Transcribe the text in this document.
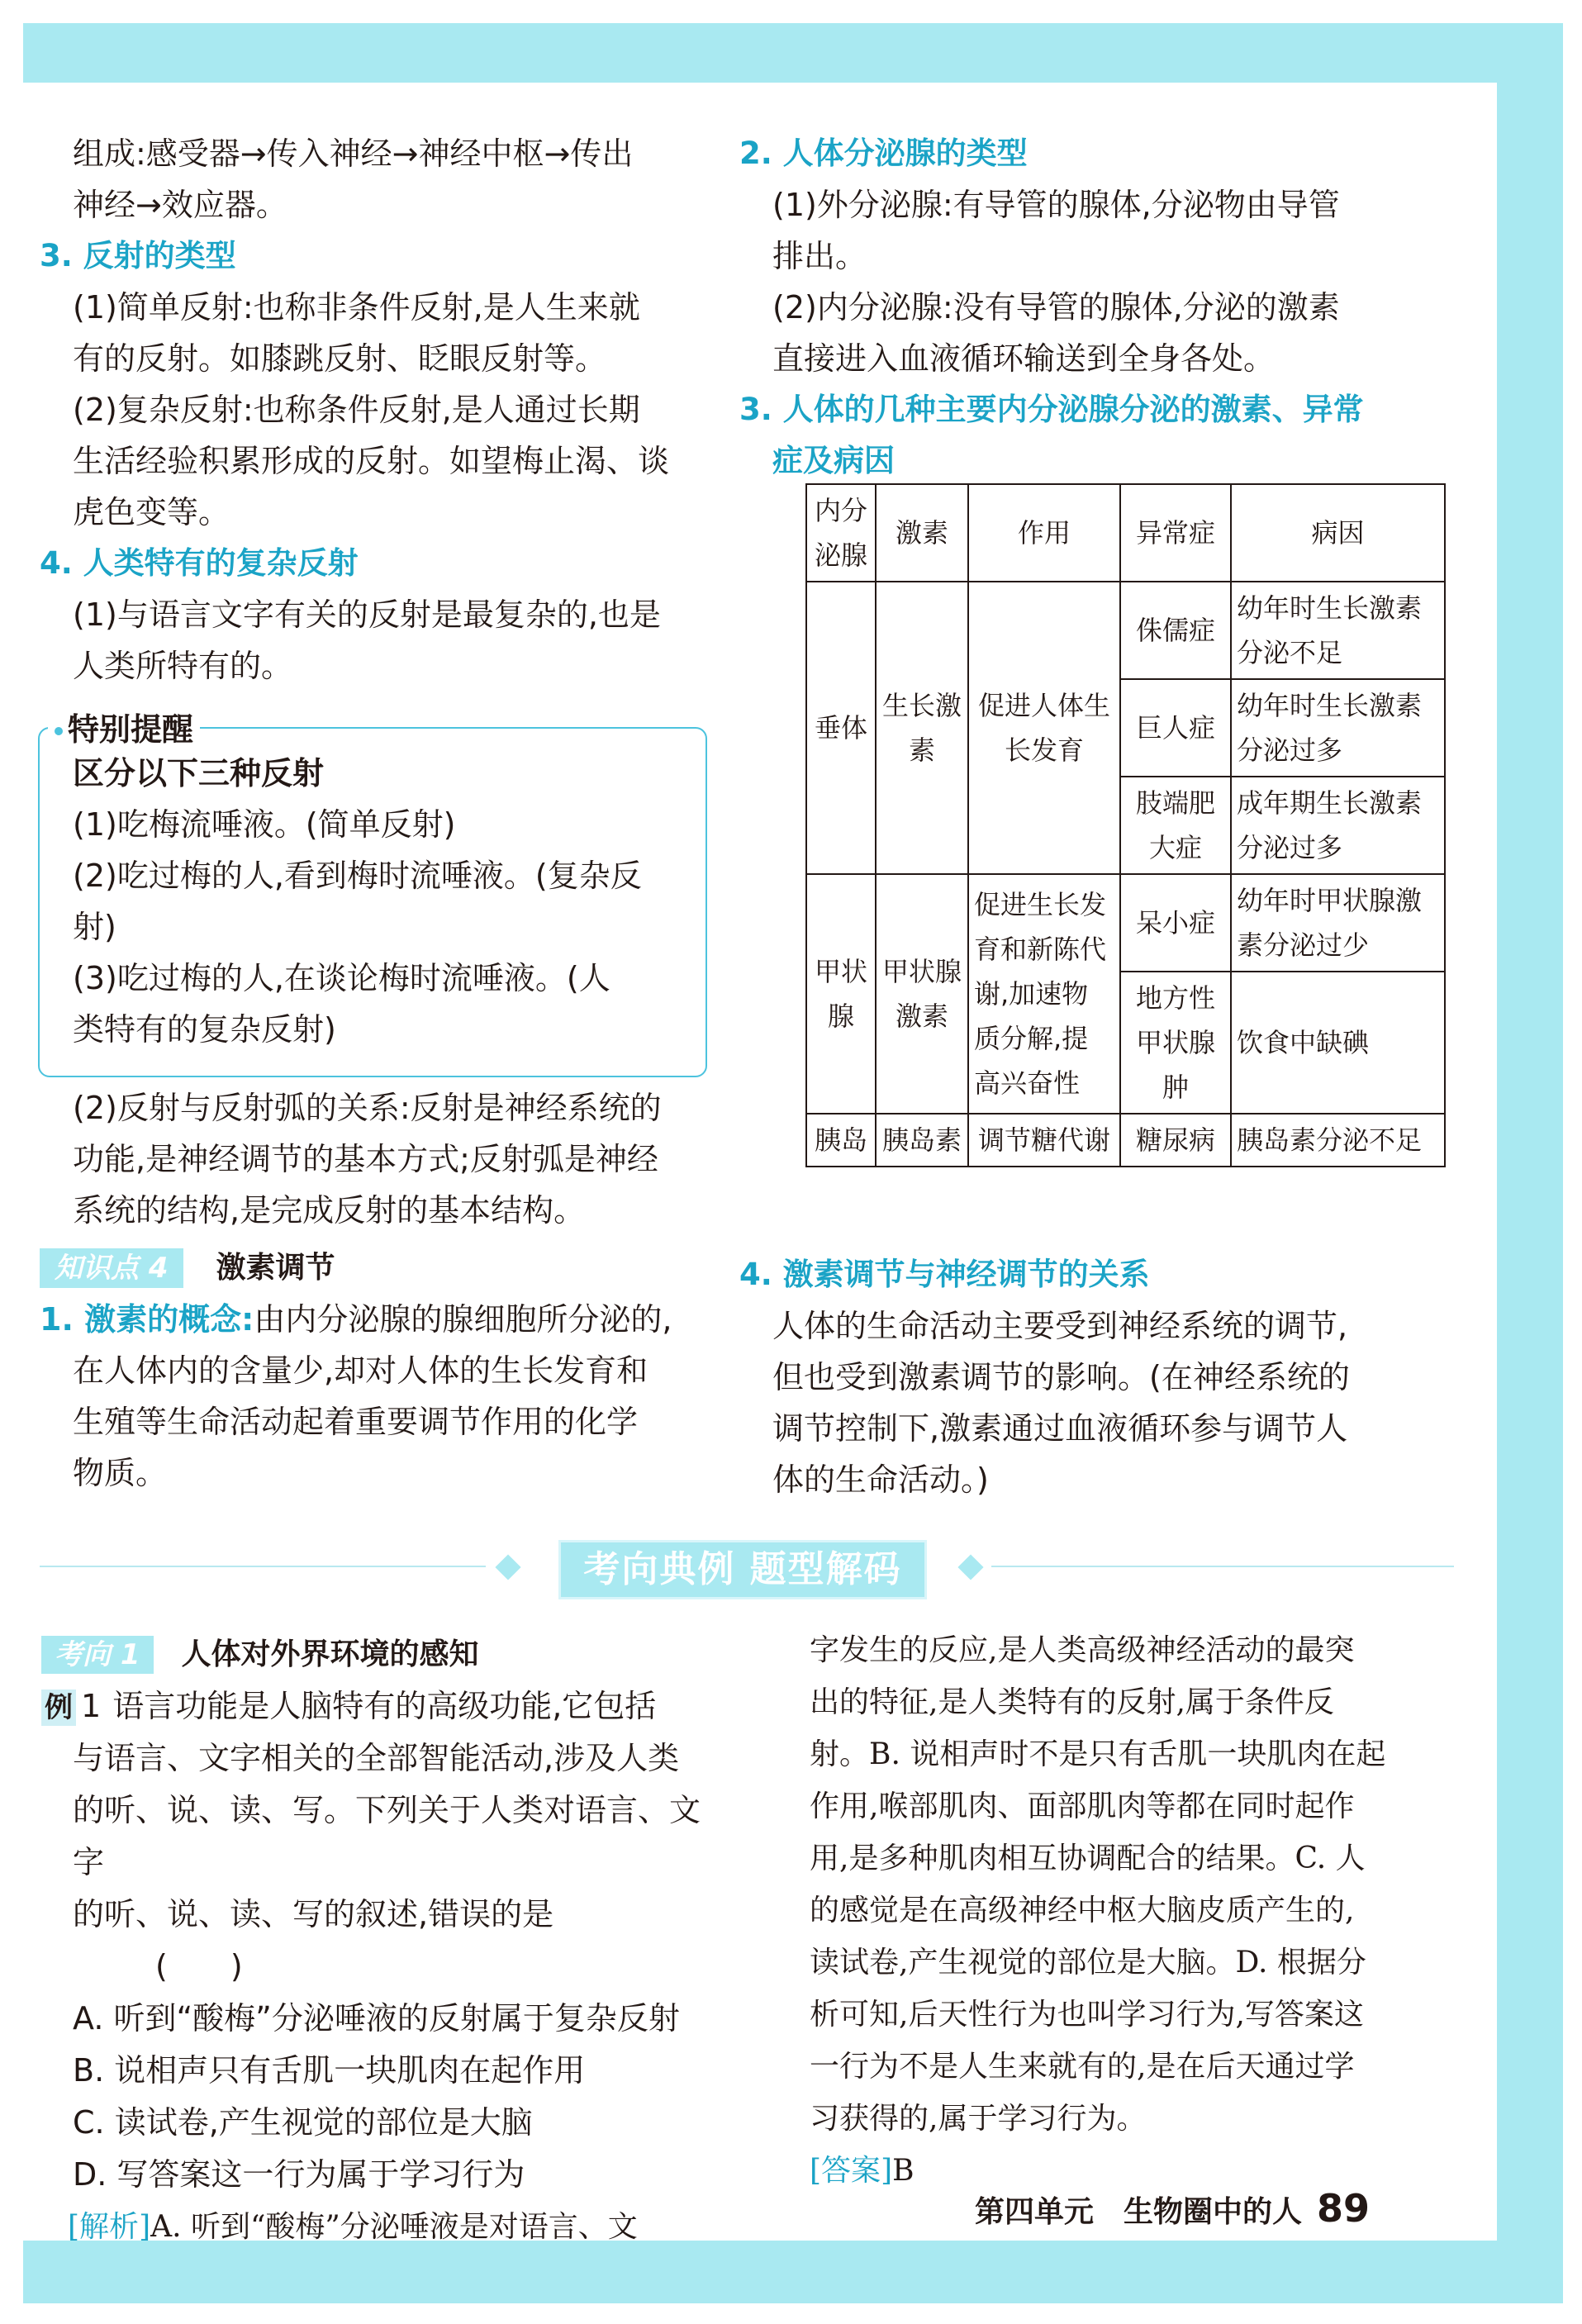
组成:感受器→传入神经→神经中枢→传出

神经→效应器。

3. 反射的类型

(1)简单反射:也称非条件反射,是人生来就

有的反射。如膝跳反射、眨眼反射等。

(2)复杂反射:也称条件反射,是人通过长期

生活经验积累形成的反射。如望梅止渴、谈

虎色变等。

4. 人类特有的复杂反射

(1)与语言文字有关的反射是最复杂的,也是

人类所特有的。

特别提醒

区分以下三种反射

(1)吃梅流唾液。(简单反射)

(2)吃过梅的人,看到梅时流唾液。(复杂反

射)

(3)吃过梅的人,在谈论梅时流唾液。(人

类特有的复杂反射)

(2)反射与反射弧的关系:反射是神经系统的

功能,是神经调节的基本方式;反射弧是神经

系统的结构,是完成反射的基本结构。

知识点 4 激素调节

1. 激素的概念:由内分泌腺的腺细胞所分泌的,

在人体内的含量少,却对人体的生长发育和

生殖等生命活动起着重要调节作用的化学

物质。

2. 人体分泌腺的类型

(1)外分泌腺:有导管的腺体,分泌物由导管

排出。

(2)内分泌腺:没有导管的腺体,分泌的激素

直接进入血液循环输送到全身各处。

3. 人体的几种主要内分泌腺分泌的激素、异常

症及病因

内分泌腺	激素	作用	异常症	病因
垂体	生长激素	促进人体生长发育	侏儒症	幼年时生长激素分泌不足
			巨人症	幼年时生长激素分泌过多
			肢端肥大症	成年期生长激素分泌过多
甲状腺	甲状腺激素	促进生长发育和新陈代谢,加速物质分解,提高兴奋性	呆小症	幼年时甲状腺激素分泌过少
			地方性甲状腺肿	饮食中缺碘
胰岛	胰岛素	调节糖代谢	糖尿病	胰岛素分泌不足

4. 激素调节与神经调节的关系

人体的生命活动主要受到神经系统的调节,

但也受到激素调节的影响。(在神经系统的

调节控制下,激素通过血液循环参与调节人

体的生命活动。)

考向典例 题型解码

考向 1 人体对外界环境的感知

例 1 语言功能是人脑特有的高级功能,它包括

与语言、文字相关的全部智能活动,涉及人类

的听、说、读、写。下列关于人类对语言、文字

的听、说、读、写的叙述,错误的是(　　)

A. 听到“酸梅”分泌唾液的反射属于复杂反射

B. 说相声只有舌肌一块肌肉在起作用

C. 读试卷,产生视觉的部位是大脑

D. 写答案这一行为属于学习行为

[解析]A. 听到“酸梅”分泌唾液是对语言、文

字发生的反应,是人类高级神经活动的最突

出的特征,是人类特有的反射,属于条件反

射。B. 说相声时不是只有舌肌一块肌肉在起

作用,喉部肌肉、面部肌肉等都在同时起作

用,是多种肌肉相互协调配合的结果。C. 人

的感觉是在高级神经中枢大脑皮质产生的,

读试卷,产生视觉的部位是大脑。D. 根据分

析可知,后天性行为也叫学习行为,写答案这

一行为不是人生来就有的,是在后天通过学

习获得的,属于学习行为。

[答案]B

第四单元　生物圈中的人 89
